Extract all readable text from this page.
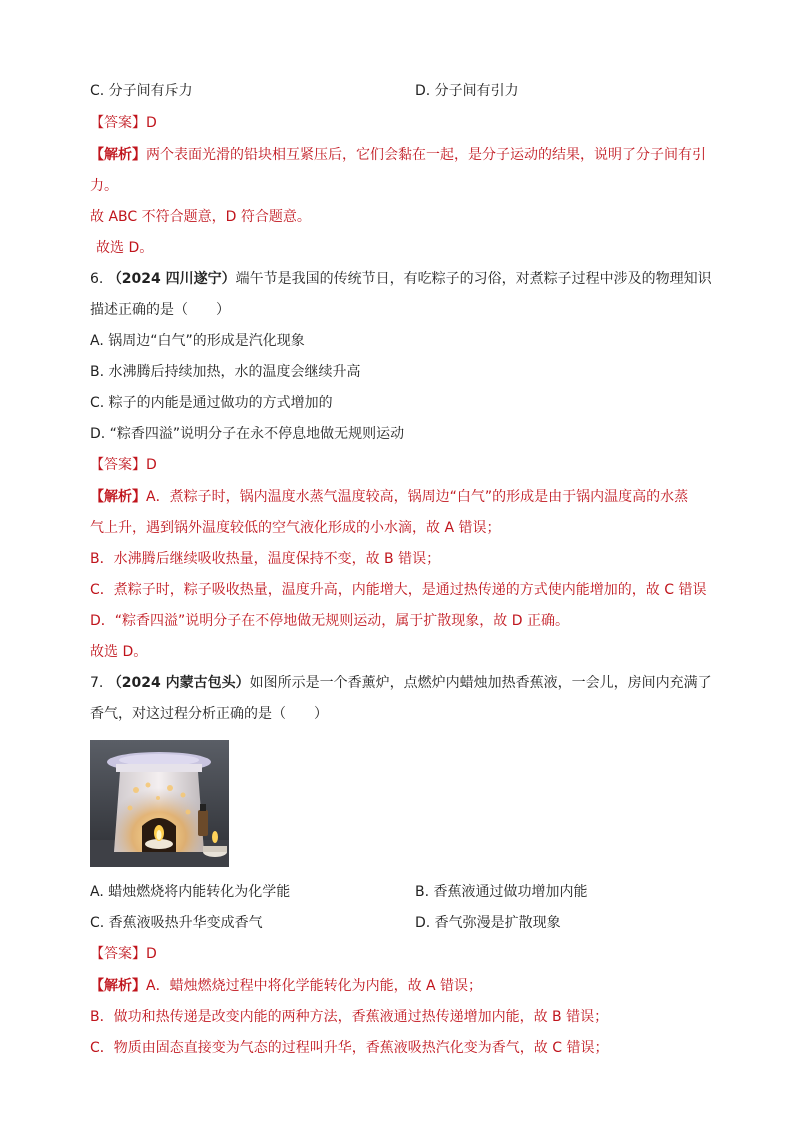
C. 分子间有斥力	D. 分子间有引力
【答案】D
【解析】两个表面光滑的铅块相互紧压后，它们会黏在一起，是分子运动的结果，说明了分子间有引
力。
故 ABC 不符合题意，D 符合题意。
故选 D。
6. （2024 四川遂宁）端午节是我国的传统节日，有吃粽子的习俗，对煮粽子过程中涉及的物理知识
描述正确的是（　　）
A. 锅周边“白气”的形成是汽化现象
B. 水沸腾后持续加热，水的温度会继续升高
C. 粽子的内能是通过做功的方式增加的
D. “粽香四溢”说明分子在永不停息地做无规则运动
【答案】D
【解析】A．煮粽子时，锅内温度水蒸气温度较高，锅周边“白气”的形成是由于锅内温度高的水蒸
气上升，遇到锅外温度较低的空气液化形成的小水滴，故 A 错误；
B．水沸腾后继续吸收热量，温度保持不变，故 B 错误；
C．煮粽子时，粽子吸收热量，温度升高，内能增大，是通过热传递的方式使内能增加的，故 C 错误
D．“粽香四溢”说明分子在不停地做无规则运动，属于扩散现象，故 D 正确。
故选 D。
7. （2024 内蒙古包头）如图所示是一个香薰炉，点燃炉内蜡烛加热香蕉液，一会儿，房间内充满了
香气，对这过程分析正确的是（　　）
A. 蜡烛燃烧将内能转化为化学能	B. 香蕉液通过做功增加内能
C. 香蕉液吸热升华变成香气	D. 香气弥漫是扩散现象
【答案】D
【解析】A．蜡烛燃烧过程中将化学能转化为内能，故 A 错误；
B．做功和热传递是改变内能的两种方法，香蕉液通过热传递增加内能，故 B 错误；
C．物质由固态直接变为气态的过程叫升华，香蕉液吸热汽化变为香气，故 C 错误；
